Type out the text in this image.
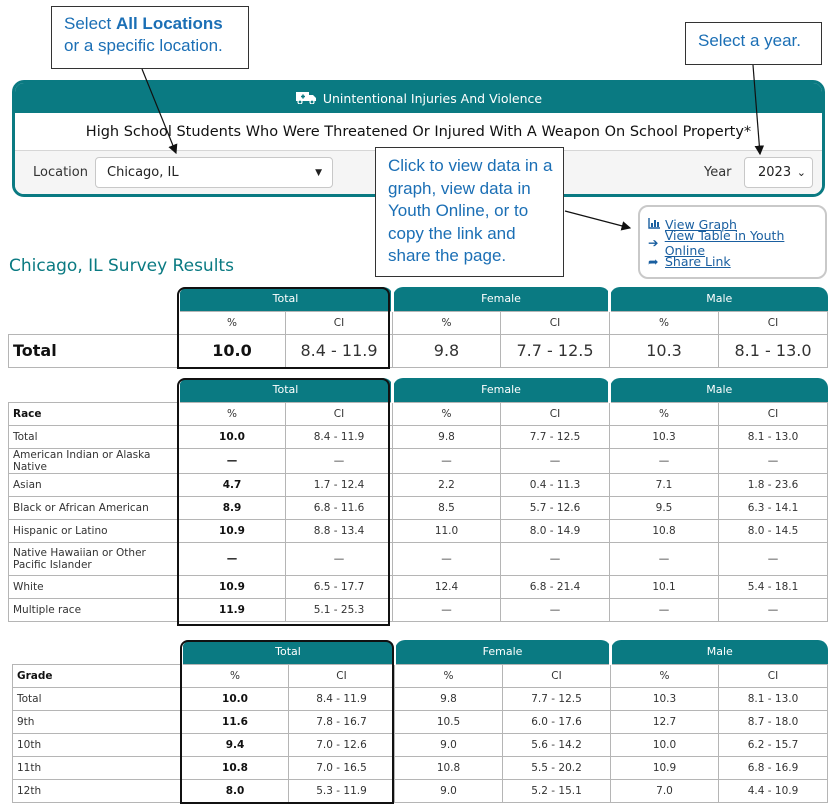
Select All Locations
or a specific location.	Select a year.
Unintentional Injuries And Violence
High School Students Who Were Threatened Or Injured With A Weapon On School Property*
Location Chicago, IL	▼	Year 2023 ⌄
Click to view data in a graph, view data in Youth Online, or to copy the link and share the page.
View Graph
➔ View Table in Youth Online
➦ Share Link
Chicago, IL Survey Results
	Total		Female		Male	
	%	CI	%	CI	%	CI
Total	10.0	8.4 - 11.9	9.8	7.7 - 12.5	10.3	8.1 - 13.0
	Total		Female		Male	
Race	%	CI	%	CI	%	CI
Total	10.0	8.4 - 11.9	9.8	7.7 - 12.5	10.3	8.1 - 13.0
American Indian or Alaska Native	—	—	—	—	—	—
Asian	4.7	1.7 - 12.4	2.2	0.4 - 11.3	7.1	1.8 - 23.6
Black or African American	8.9	6.8 - 11.6	8.5	5.7 - 12.6	9.5	6.3 - 14.1
Hispanic or Latino	10.9	8.8 - 13.4	11.0	8.0 - 14.9	10.8	8.0 - 14.5
Native Hawaiian or Other Pacific Islander	—	—	—	—	—	—
White	10.9	6.5 - 17.7	12.4	6.8 - 21.4	10.1	5.4 - 18.1
Multiple race	11.9	5.1 - 25.3	—	—	—	—
	Total		Female		Male	
Grade	%	CI	%	CI	%	CI
Total	10.0	8.4 - 11.9	9.8	7.7 - 12.5	10.3	8.1 - 13.0
9th	11.6	7.8 - 16.7	10.5	6.0 - 17.6	12.7	8.7 - 18.0
10th	9.4	7.0 - 12.6	9.0	5.6 - 14.2	10.0	6.2 - 15.7
11th	10.8	7.0 - 16.5	10.8	5.5 - 20.2	10.9	6.8 - 16.9
12th	8.0	5.3 - 11.9	9.0	5.2 - 15.1	7.0	4.4 - 10.9
